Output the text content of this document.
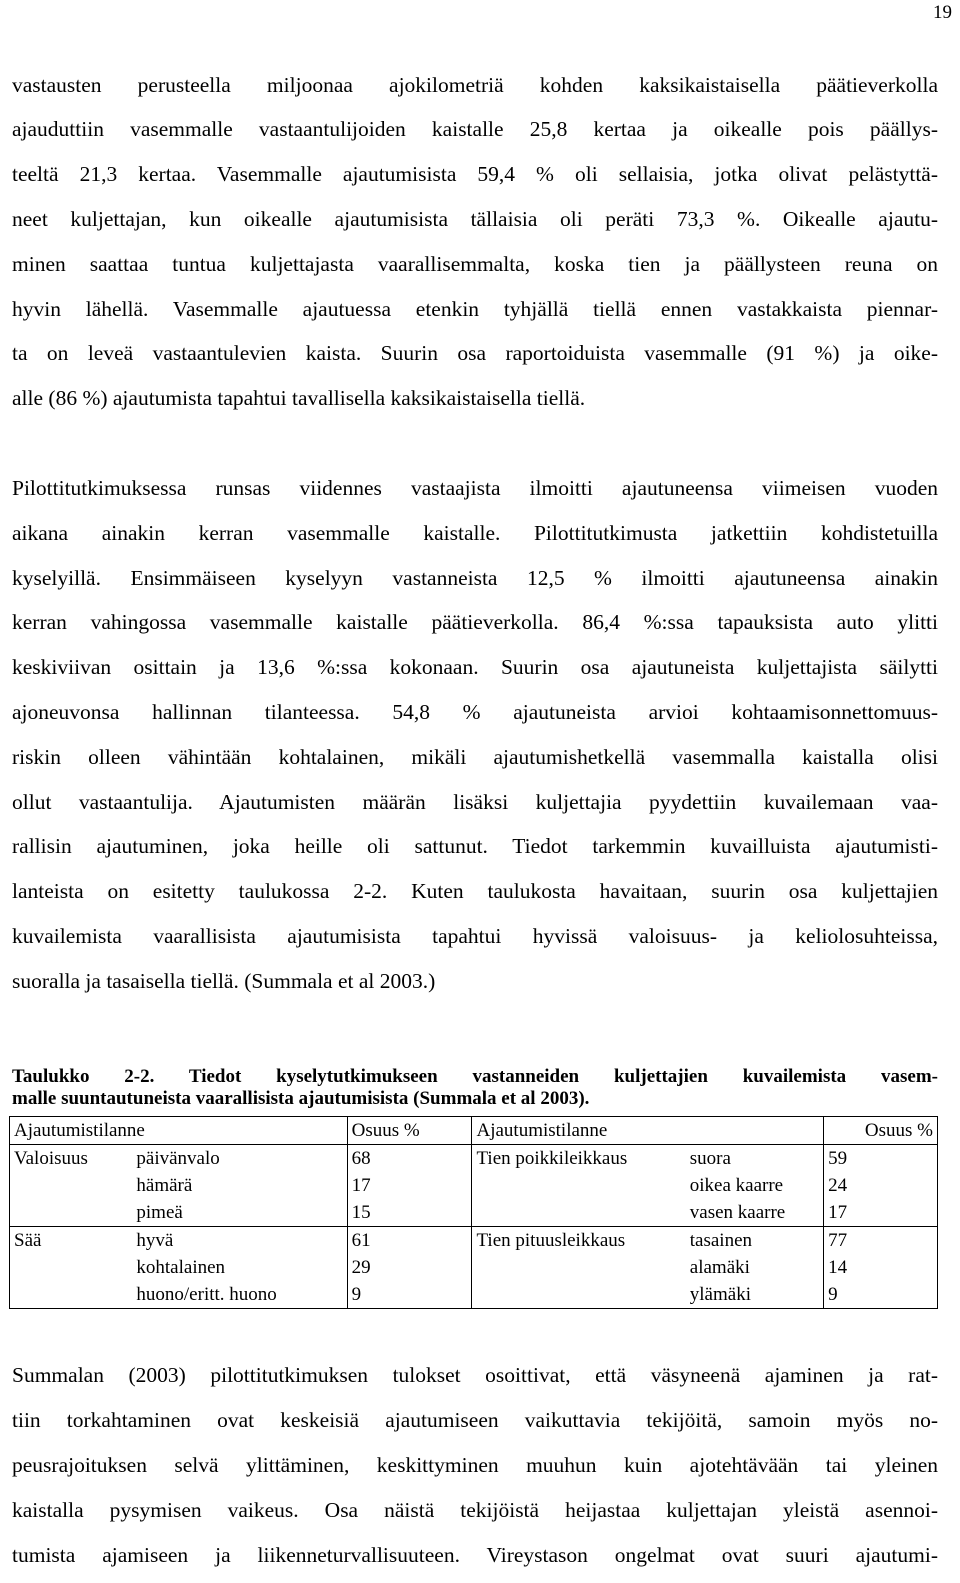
19
vastausten perusteella miljoonaa ajokilometriä kohden kaksikaistaisella päätieverkolla
ajauduttiin vasemmalle vastaantulijoiden kaistalle 25,8 kertaa ja oikealle pois päällys-
teeltä 21,3 kertaa. Vasemmalle ajautumisista 59,4 % oli sellaisia, jotka olivat pelästyttä-
neet kuljettajan, kun oikealle ajautumisista tällaisia oli peräti 73,3 %. Oikealle ajautu-
minen saattaa tuntua kuljettajasta vaarallisemmalta, koska tien ja päällysteen reuna on
hyvin lähellä. Vasemmalle ajautuessa etenkin tyhjällä tiellä ennen vastakkaista piennar-
ta on leveä vastaantulevien kaista. Suurin osa raportoiduista vasemmalle (91 %) ja oike-
alle (86 %) ajautumista tapahtui tavallisella kaksikaistaisella tiellä.
Pilottitutkimuksessa runsas viidennes vastaajista ilmoitti ajautuneensa viimeisen vuoden
aikana ainakin kerran vasemmalle kaistalle. Pilottitutkimusta jatkettiin kohdistetuilla
kyselyillä. Ensimmäiseen kyselyyn vastanneista 12,5 % ilmoitti ajautuneensa ainakin
kerran vahingossa vasemmalle kaistalle päätieverkolla. 86,4 %:ssa tapauksista auto ylitti
keskiviivan osittain ja 13,6 %:ssa kokonaan. Suurin osa ajautuneista kuljettajista säilytti
ajoneuvonsa hallinnan tilanteessa. 54,8 % ajautuneista arvioi kohtaamisonnettomuus-
riskin olleen vähintään kohtalainen, mikäli ajautumishetkellä vasemmalla kaistalla olisi
ollut vastaantulija. Ajautumisten määrän lisäksi kuljettajia pyydettiin kuvailemaan vaa-
rallisin ajautuminen, joka heille oli sattunut. Tiedot tarkemmin kuvailluista ajautumisti-
lanteista on esitetty taulukossa 2-2. Kuten taulukosta havaitaan, suurin osa kuljettajien
kuvailemista vaarallisista ajautumisista tapahtui hyvissä valoisuus- ja keliolosuhteissa,
suoralla ja tasaisella tiellä. (Summala et al 2003.)
Taulukko 2-2. Tiedot kyselytutkimukseen vastanneiden kuljettajien kuvailemista vasem-
malle suuntautuneista vaarallisista ajautumisista (Summala et al 2003).
Ajautumistilanne		Osuus %	Ajautumistilanne		Osuus %
Valoisuus	päivänvalo	68	Tien poikkileikkaus	suora	59
	hämärä	17		oikea kaarre	24
	pimeä	15		vasen kaarre	17
Sää	hyvä	61	Tien pituusleikkaus	tasainen	77
	kohtalainen	29		alamäki	14
	huono/eritt. huono	9		ylämäki	9
Summalan (2003) pilottitutkimuksen tulokset osoittivat, että väsyneenä ajaminen ja rat-
tiin torkahtaminen ovat keskeisiä ajautumiseen vaikuttavia tekijöitä, samoin myös no-
peusrajoituksen selvä ylittäminen, keskittyminen muuhun kuin ajotehtävään tai yleinen
kaistalla pysymisen vaikeus. Osa näistä tekijöistä heijastaa kuljettajan yleistä asennoi-
tumista ajamiseen ja liikenneturvallisuuteen. Vireystason ongelmat ovat suuri ajautumi-
